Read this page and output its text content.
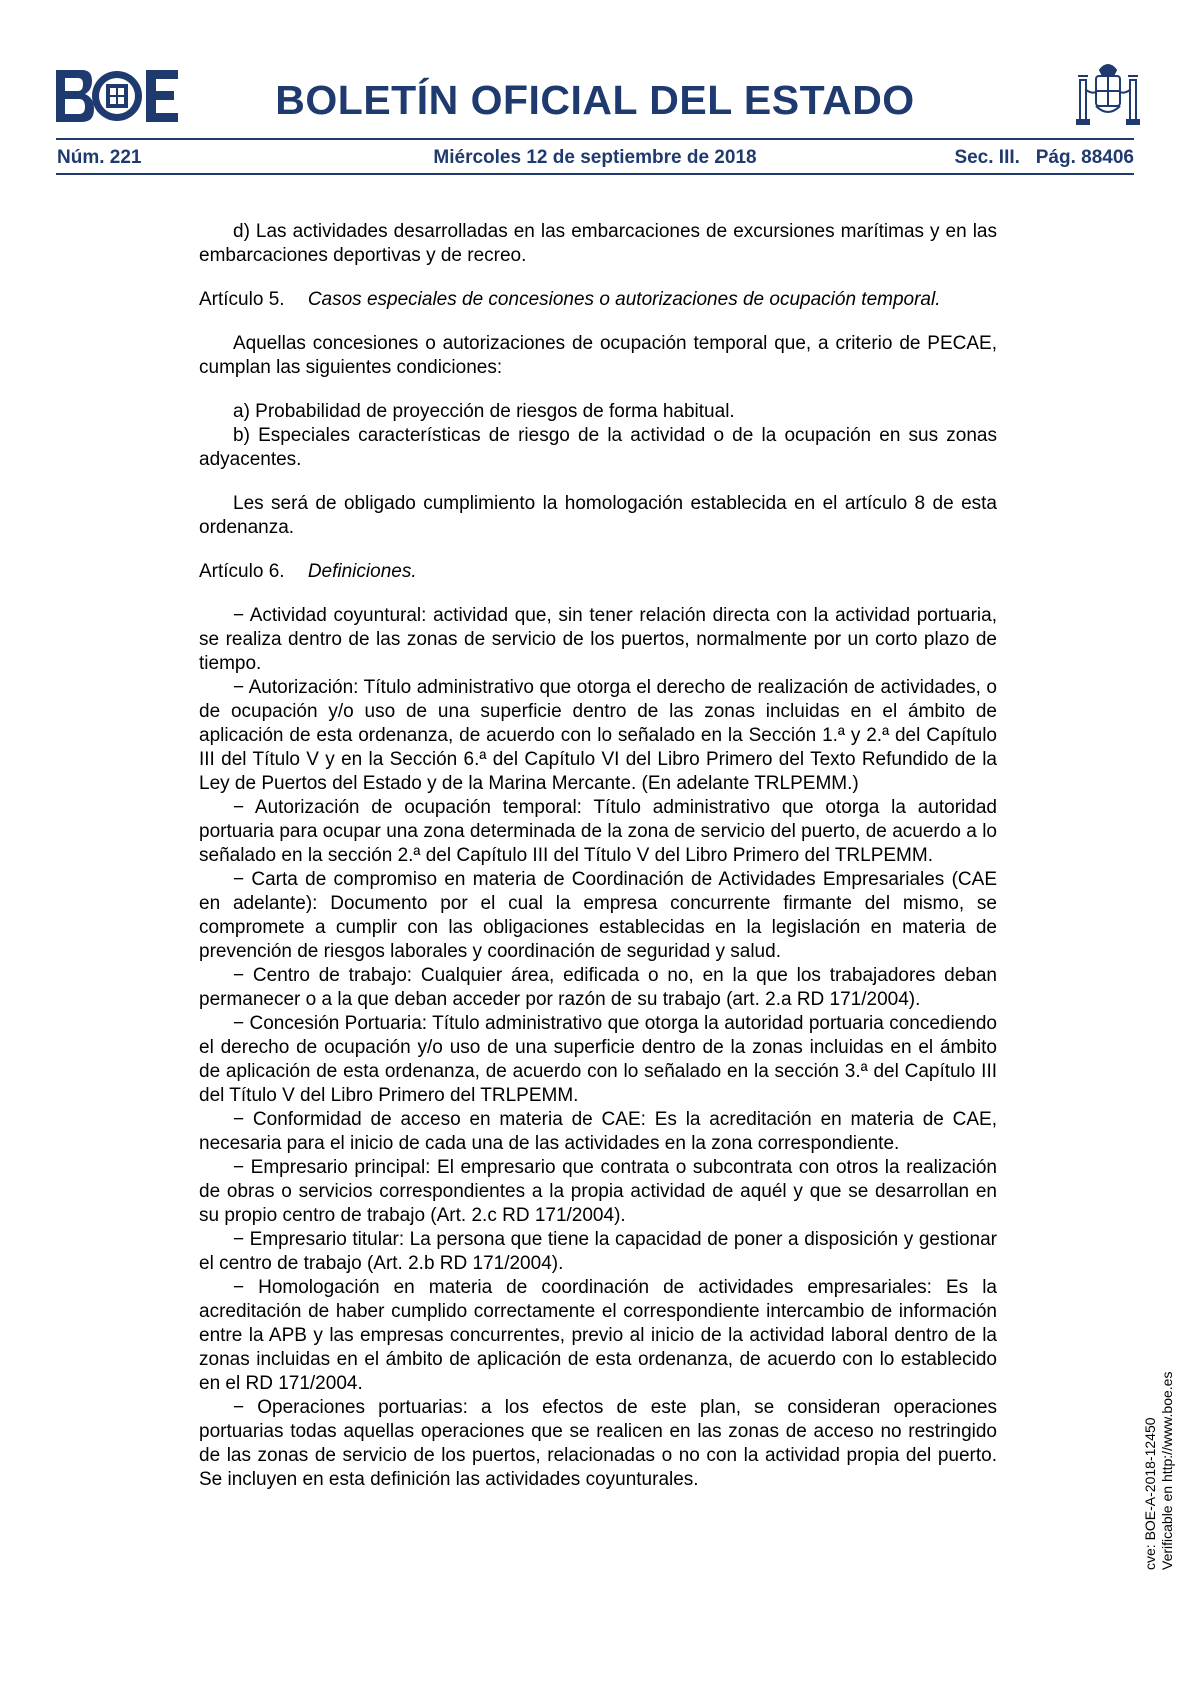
BOLETÍN OFICIAL DEL ESTADO
Núm. 221	Miércoles 12 de septiembre de 2018	Sec. III.   Pág. 88406

d) Las actividades desarrolladas en las embarcaciones de excursiones marítimas y en las embarcaciones deportivas y de recreo.

Artículo 5. Casos especiales de concesiones o autorizaciones de ocupación temporal.

Aquellas concesiones o autorizaciones de ocupación temporal que, a criterio de PECAE, cumplan las siguientes condiciones:

a) Probabilidad de proyección de riesgos de forma habitual.

b) Especiales características de riesgo de la actividad o de la ocupación en sus zonas adyacentes.

Les será de obligado cumplimiento la homologación establecida en el artículo 8 de esta ordenanza.

Artículo 6. Definiciones.

− Actividad coyuntural: actividad que, sin tener relación directa con la actividad portuaria, se realiza dentro de las zonas de servicio de los puertos, normalmente por un corto plazo de tiempo.

− Autorización: Título administrativo que otorga el derecho de realización de actividades, o de ocupación y/o uso de una superficie dentro de las zonas incluidas en el ámbito de aplicación de esta ordenanza, de acuerdo con lo señalado en la Sección 1.ª y 2.ª del Capítulo III del Título V y en la Sección 6.ª del Capítulo VI del Libro Primero del Texto Refundido de la Ley de Puertos del Estado y de la Marina Mercante. (En adelante TRLPEMM.)

− Autorización de ocupación temporal: Título administrativo que otorga la autoridad portuaria para ocupar una zona determinada de la zona de servicio del puerto, de acuerdo a lo señalado en la sección 2.ª del Capítulo III del Título V del Libro Primero del TRLPEMM.

− Carta de compromiso en materia de Coordinación de Actividades Empresariales (CAE en adelante): Documento por el cual la empresa concurrente firmante del mismo, se compromete a cumplir con las obligaciones establecidas en la legislación en materia de prevención de riesgos laborales y coordinación de seguridad y salud.

− Centro de trabajo: Cualquier área, edificada o no, en la que los trabajadores deban permanecer o a la que deban acceder por razón de su trabajo (art. 2.a RD 171/2004).

− Concesión Portuaria: Título administrativo que otorga la autoridad portuaria concediendo el derecho de ocupación y/o uso de una superficie dentro de la zonas incluidas en el ámbito de aplicación de esta ordenanza, de acuerdo con lo señalado en la sección 3.ª del Capítulo III del Título V del Libro Primero del TRLPEMM.

− Conformidad de acceso en materia de CAE: Es la acreditación en materia de CAE, necesaria para el inicio de cada una de las actividades en la zona correspondiente.

− Empresario principal: El empresario que contrata o subcontrata con otros la realización de obras o servicios correspondientes a la propia actividad de aquél y que se desarrollan en su propio centro de trabajo (Art. 2.c RD 171/2004).

− Empresario titular: La persona que tiene la capacidad de poner a disposición y gestionar el centro de trabajo (Art. 2.b RD 171/2004).

− Homologación en materia de coordinación de actividades empresariales: Es la acreditación de haber cumplido correctamente el correspondiente intercambio de información entre la APB y las empresas concurrentes, previo al inicio de la actividad laboral dentro de la zonas incluidas en el ámbito de aplicación de esta ordenanza, de acuerdo con lo establecido en el RD 171/2004.

− Operaciones portuarias: a los efectos de este plan, se consideran operaciones portuarias todas aquellas operaciones que se realicen en las zonas de acceso no restringido de las zonas de servicio de los puertos, relacionadas o no con la actividad propia del puerto. Se incluyen en esta definición las actividades coyunturales.	cve: BOE-A-2018-12450 Verificable en http://www.boe.es
